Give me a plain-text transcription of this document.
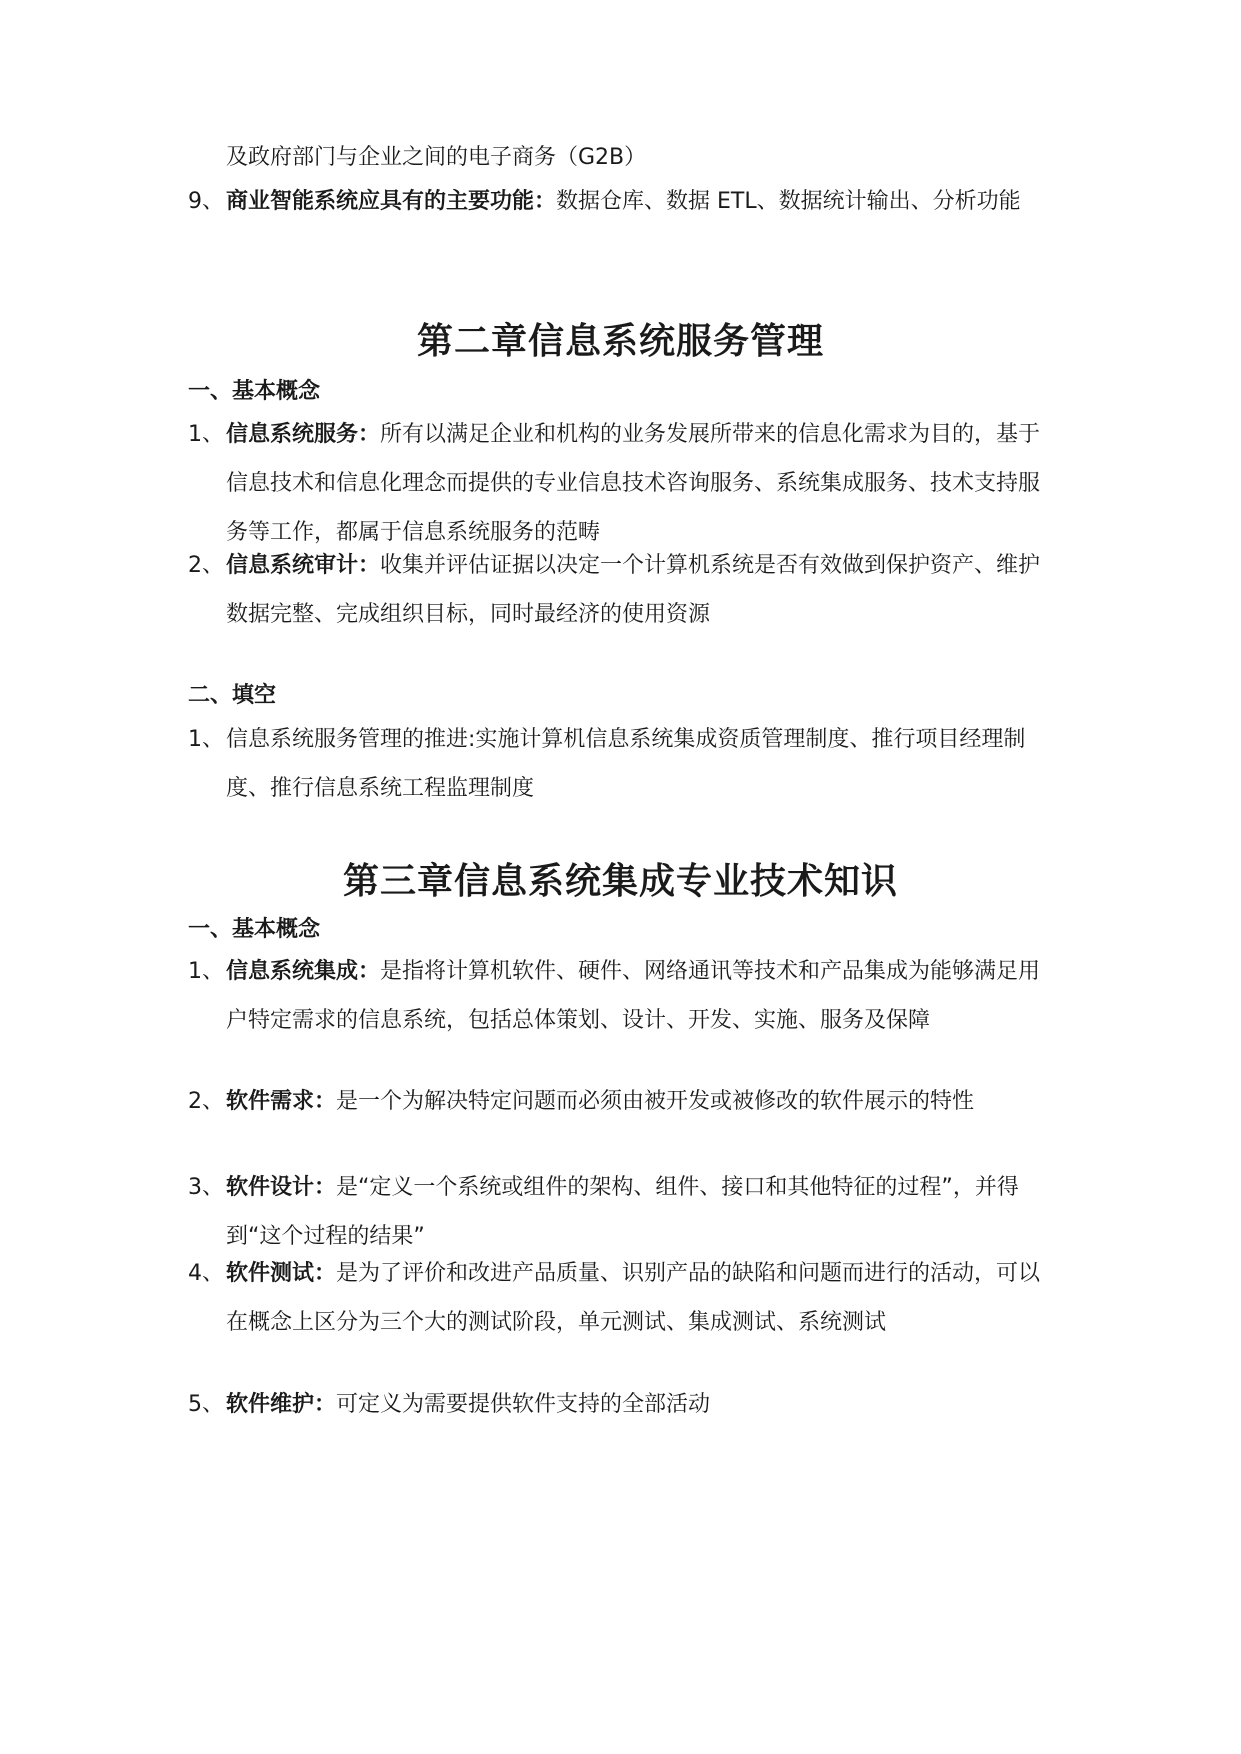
及政府部门与企业之间的电子商务（G2B）
9、 商业智能系统应具有的主要功能：数据仓库、数据 ETL、数据统计输出、分析功能
第二章信息系统服务管理
一、基本概念
1、 信息系统服务：所有以满足企业和机构的业务发展所带来的信息化需求为目的，基于信息技术和信息化理念而提供的专业信息技术咨询服务、系统集成服务、技术支持服务等工作，都属于信息系统服务的范畴
2、 信息系统审计：收集并评估证据以决定一个计算机系统是否有效做到保护资产、维护数据完整、完成组织目标，同时最经济的使用资源
二、填空
1、 信息系统服务管理的推进:实施计算机信息系统集成资质管理制度、推行项目经理制度、推行信息系统工程监理制度
第三章信息系统集成专业技术知识
一、基本概念
1、 信息系统集成：是指将计算机软件、硬件、网络通讯等技术和产品集成为能够满足用户特定需求的信息系统，包括总体策划、设计、开发、实施、服务及保障
2、 软件需求：是一个为解决特定问题而必须由被开发或被修改的软件展示的特性
3、 软件设计：是“定义一个系统或组件的架构、组件、接口和其他特征的过程”，并得到“这个过程的结果”
4、 软件测试：是为了评价和改进产品质量、识别产品的缺陷和问题而进行的活动，可以在概念上区分为三个大的测试阶段，单元测试、集成测试、系统测试
5、 软件维护：可定义为需要提供软件支持的全部活动
